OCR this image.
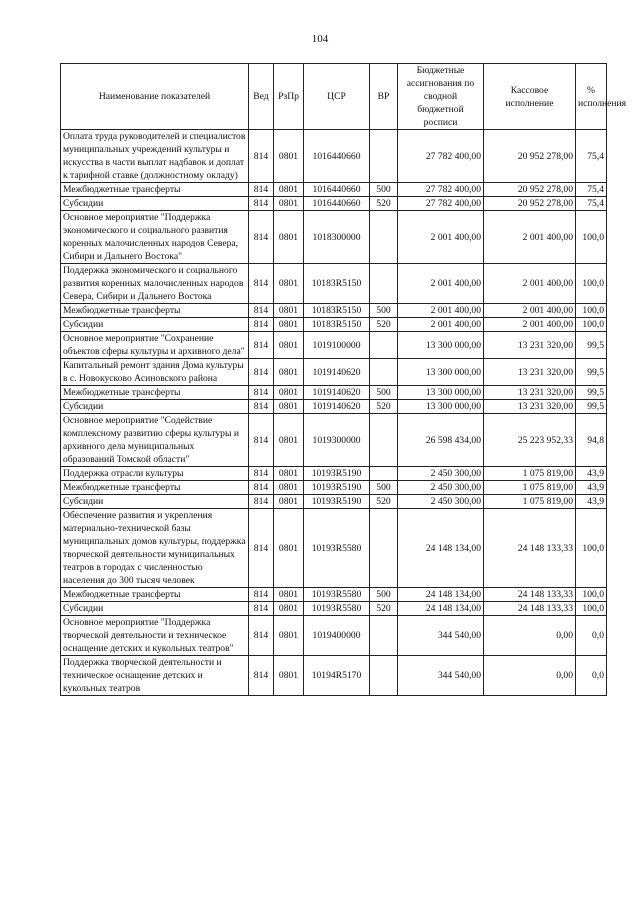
104
Наименование показателей	Вед	РзПр	ЦСР	ВР	Бюджетные ассигнования по сводной бюджетной росписи	Кассовое исполнение	% исполнения
Оплата труда руководителей и специалистов муниципальных учреждений культуры и искусства в части выплат надбавок и доплат к тарифной ставке (должностному окладу)	814	0801	1016440660		27 782 400,00	20 952 278,00	75,4
Межбюджетные трансферты	814	0801	1016440660	500	27 782 400,00	20 952 278,00	75,4
Субсидии	814	0801	1016440660	520	27 782 400,00	20 952 278,00	75,4
Основное мероприятие "Поддержка экономического и социального развития коренных малочисленных народов Севера, Сибири и Дальнего Востока"	814	0801	1018300000		2 001 400,00	2 001 400,00	100,0
Поддержка экономического и социального развития коренных малочисленных народов Севера, Сибири и Дальнего Востока	814	0801	10183R5150		2 001 400,00	2 001 400,00	100,0
Межбюджетные трансферты	814	0801	10183R5150	500	2 001 400,00	2 001 400,00	100,0
Субсидии	814	0801	10183R5150	520	2 001 400,00	2 001 400,00	100,0
Основное мероприятие "Сохранение объектов сферы культуры и архивного дела"	814	0801	1019100000		13 300 000,00	13 231 320,00	99,5
Капитальный ремонт здания Дома культуры в с. Новокусково Асиновского района	814	0801	1019140620		13 300 000,00	13 231 320,00	99,5
Межбюджетные трансферты	814	0801	1019140620	500	13 300 000,00	13 231 320,00	99,5
Субсидии	814	0801	1019140620	520	13 300 000,00	13 231 320,00	99,5
Основное мероприятие "Содействие комплексному развитию сферы культуры и архивного дела муниципальных образований Томской области"	814	0801	1019300000		26 598 434,00	25 223 952,33	94,8
Поддержка отрасли культуры	814	0801	10193R5190		2 450 300,00	1 075 819,00	43,9
Межбюджетные трансферты	814	0801	10193R5190	500	2 450 300,00	1 075 819,00	43,9
Субсидии	814	0801	10193R5190	520	2 450 300,00	1 075 819,00	43,9
Обеспечение развития и укрепления материально-технической базы муниципальных домов культуры, поддержка творческой деятельности муниципальных театров в городах с численностью населения до 300 тысяч человек	814	0801	10193R5580		24 148 134,00	24 148 133,33	100,0
Межбюджетные трансферты	814	0801	10193R5580	500	24 148 134,00	24 148 133,33	100,0
Субсидии	814	0801	10193R5580	520	24 148 134,00	24 148 133,33	100,0
Основное мероприятие "Поддержка творческой деятельности и техническое оснащение детских и кукольных театров"	814	0801	1019400000		344 540,00	0,00	0,0
Поддержка творческой деятельности и техническое оснащение детских и кукольных театров	814	0801	10194R5170		344 540,00	0,00	0,0
